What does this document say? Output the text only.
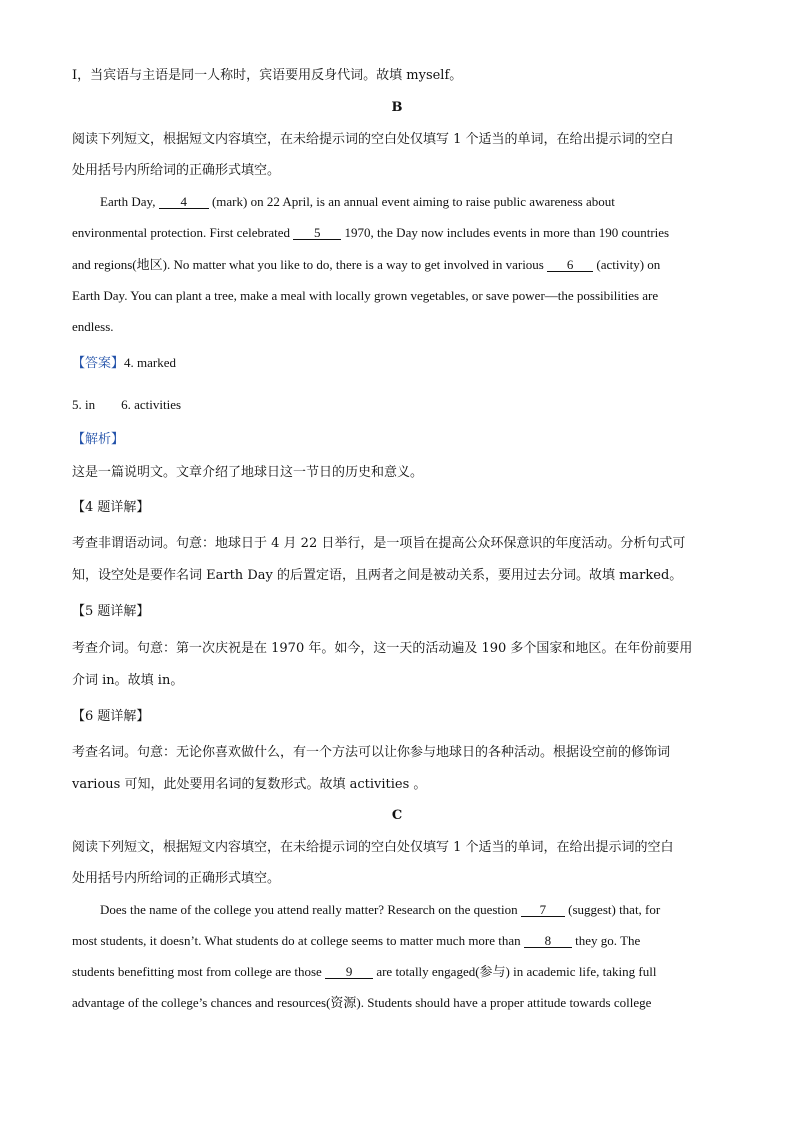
I，当宾语与主语是同一人称时，宾语要用反身代词。故填 myself。
B
阅读下列短文，根据短文内容填空，在未给提示词的空白处仅填写 1 个适当的单词，在给出提示词的空白
处用括号内所给词的正确形式填空。
Earth Day, 4 (mark) on 22 April, is an annual event aiming to raise public awareness about
environmental protection. First celebrated 5 1970, the Day now includes events in more than 190 countries
and regions(地区). No matter what you like to do, there is a way to get involved in various 6 (activity) on
Earth Day. You can plant a tree, make a meal with locally grown vegetables, or save power—the possibilities are
endless.
【答案】4. marked
5. in        6. activities
【解析】
这是一篇说明文。文章介绍了地球日这一节日的历史和意义。
【4 题详解】
考查非谓语动词。句意：地球日于 4 月 22 日举行，是一项旨在提高公众环保意识的年度活动。分析句式可
知，设空处是要作名词 Earth Day 的后置定语，且两者之间是被动关系，要用过去分词。故填 marked。
【5 题详解】
考查介词。句意：第一次庆祝是在 1970 年。如今，这一天的活动遍及 190 多个国家和地区。在年份前要用
介词 in。故填 in。
【6 题详解】
考查名词。句意：无论你喜欢做什么，有一个方法可以让你参与地球日的各种活动。根据设空前的修饰词
various 可知，此处要用名词的复数形式。故填 activities 。
C
阅读下列短文，根据短文内容填空，在未给提示词的空白处仅填写 1 个适当的单词，在给出提示词的空白
处用括号内所给词的正确形式填空。
Does the name of the college you attend really matter? Research on the question 7 (suggest) that, for
most students, it doesn’t. What students do at college seems to matter much more than 8 they go. The
students benefitting most from college are those 9 are totally engaged(参与) in academic life, taking full
advantage of the college’s chances and resources(资源). Students should have a proper attitude towards college
